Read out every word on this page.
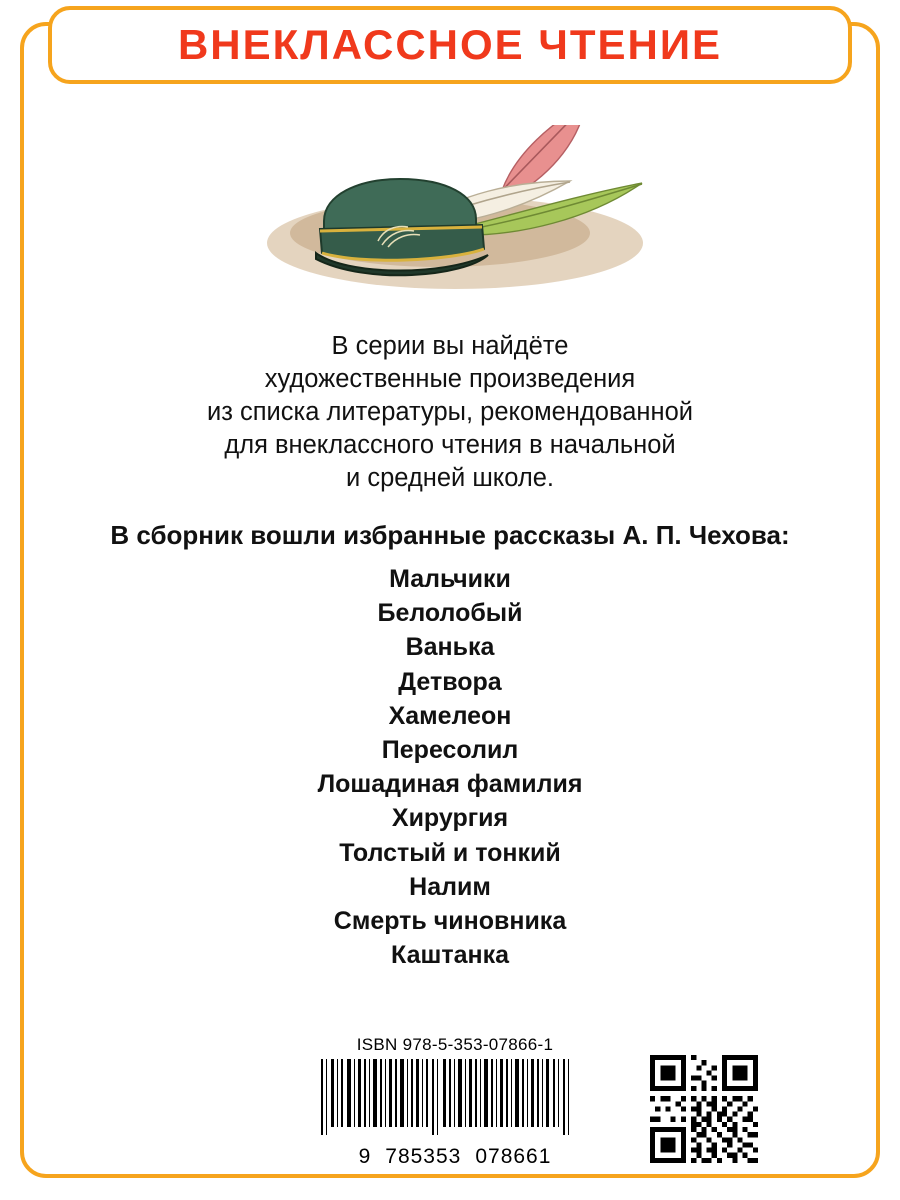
ВНЕКЛАССНОЕ ЧТЕНИЕ
В серии вы найдёте
художественные произведения
из списка литературы, рекомендованной
для внеклассного чтения в начальной
и средней школе.
В сборник вошли избранные рассказы А. П. Чехова:
Мальчики
Белолобый
Ванька
Детвора
Хамелеон
Пересолил
Лошадиная фамилия
Хирургия
Толстый и тонкий
Налим
Смерть чиновника
Каштанка
ISBN 978-5-353-07866-1
9 785353 078661
